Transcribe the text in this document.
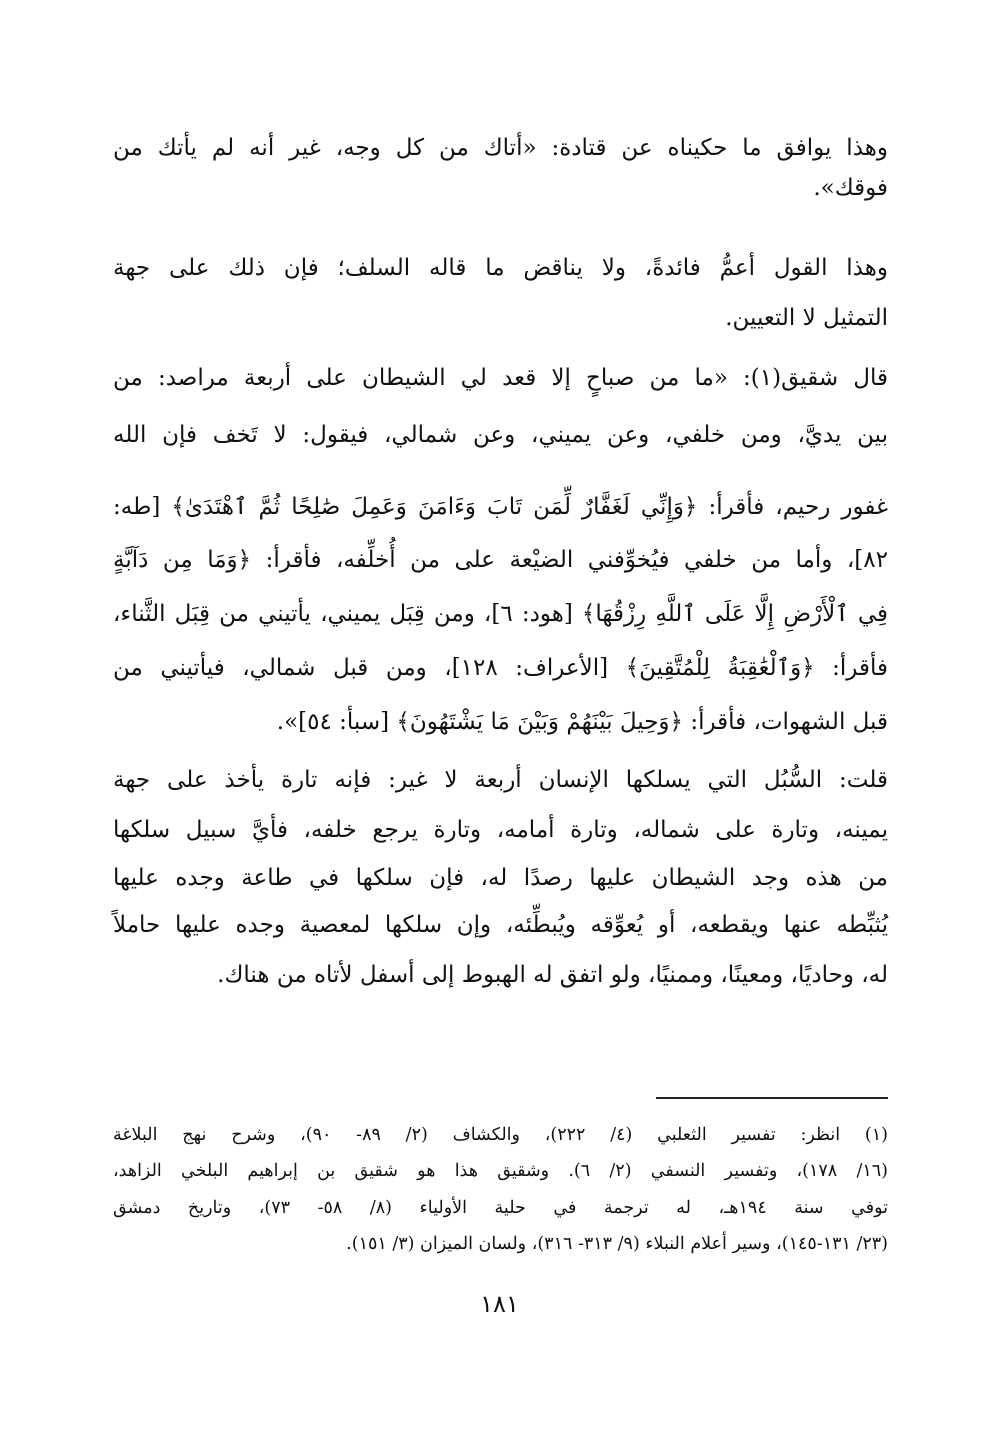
وهذا يوافق ما حكيناه عن قتادة: «أتاك من كل وجه، غير أنه لم يأتك من
فوقك».
وهذا القول أعمُّ فائدةً، ولا يناقض ما قاله السلف؛ فإن ذلك على جهة
التمثيل لا التعيين.
قال شقيق(١): «ما من صباحٍ إلا قعد لي الشيطان على أربعة مراصد: من
بين يديَّ، ومن خلفي، وعن يميني، وعن شمالي، فيقول: لا تَخف فإن الله
غفور رحيم، فأقرأ: ﴿وَإِنِّي لَغَفَّارٌ لِّمَن تَابَ وَءَامَنَ وَعَمِلَ صَٰلِحًا ثُمَّ ٱهْتَدَىٰ﴾ [طه:
٨٢]، وأما من خلفي فيُخوِّفني الضيْعة على من أُخلِّفه، فأقرأ: ﴿وَمَا مِن دَآبَّةٍ
فِي ٱلْأَرْضِ إِلَّا عَلَى ٱللَّهِ رِزْقُهَا﴾ [هود: ٦]، ومن قِبَل يميني، يأتيني من قِبَل الثَّناء،
فأقرأ: ﴿وَٱلْعَٰقِبَةُ لِلْمُتَّقِينَ﴾ [الأعراف: ١٢٨]، ومن قبل شمالي، فيأتيني من
قبل الشهوات، فأقرأ: ﴿وَحِيلَ بَيْنَهُمْ وَبَيْنَ مَا يَشْتَهُونَ﴾ [سبأ: ٥٤]».
قلت: السُّبُل التي يسلكها الإنسان أربعة لا غير: فإنه تارة يأخذ على جهة
يمينه، وتارة على شماله، وتارة أمامه، وتارة يرجع خلفه، فأيَّ سبيل سلكها
من هذه وجد الشيطان عليها رصدًا له، فإن سلكها في طاعة وجده عليها
يُثبِّطه عنها ويقطعه، أو يُعوِّقه ويُبطِّئه، وإن سلكها لمعصية وجده عليها حاملاً
له، وحاديًا، ومعينًا، وممنيًا، ولو اتفق له الهبوط إلى أسفل لأتاه من هناك.
(١) انظر: تفسير الثعلبي (٤/ ٢٢٢)، والكشاف (٢/ ٨٩- ٩٠)، وشرح نهج البلاغة
(١٦/ ١٧٨)، وتفسير النسفي (٢/ ٦). وشقيق هذا هو شقيق بن إبراهيم البلخي الزاهد،
توفي سنة ١٩٤هـ، له ترجمة في حلية الأولياء (٨/ ٥٨- ٧٣)، وتاريخ دمشق
(٢٣/ ١٣١-١٤٥)، وسير أعلام النبلاء (٩/ ٣١٣- ٣١٦)، ولسان الميزان (٣/ ١٥١).
١٨١
